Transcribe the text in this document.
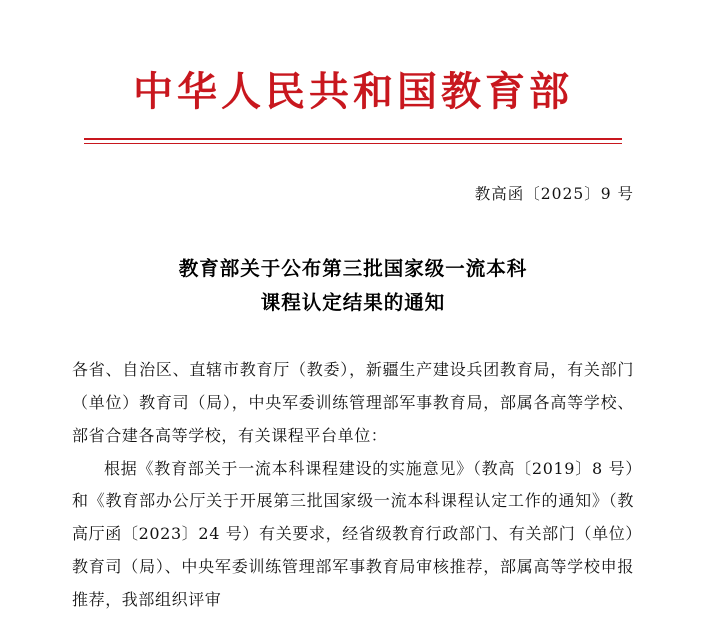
中华人民共和国教育部
教高函〔2025〕9 号
教育部关于公布第三批国家级一流本科
课程认定结果的通知

各省、自治区、直辖市教育厅（教委），新疆生产建设兵团教育局，有关部门（单位）教育司（局），中央军委训练管理部军事教育局，部属各高等学校、部省合建各高等学校，有关课程平台单位：

根据《教育部关于一流本科课程建设的实施意见》（教高〔2019〕8 号）和《教育部办公厅关于开展第三批国家级一流本科课程认定工作的通知》（教高厅函〔2023〕24 号）有关要求，经省级教育行政部门、有关部门（单位）教育司（局）、中央军委训练管理部军事教育局审核推荐，部属高等学校申报推荐，我部组织评审
